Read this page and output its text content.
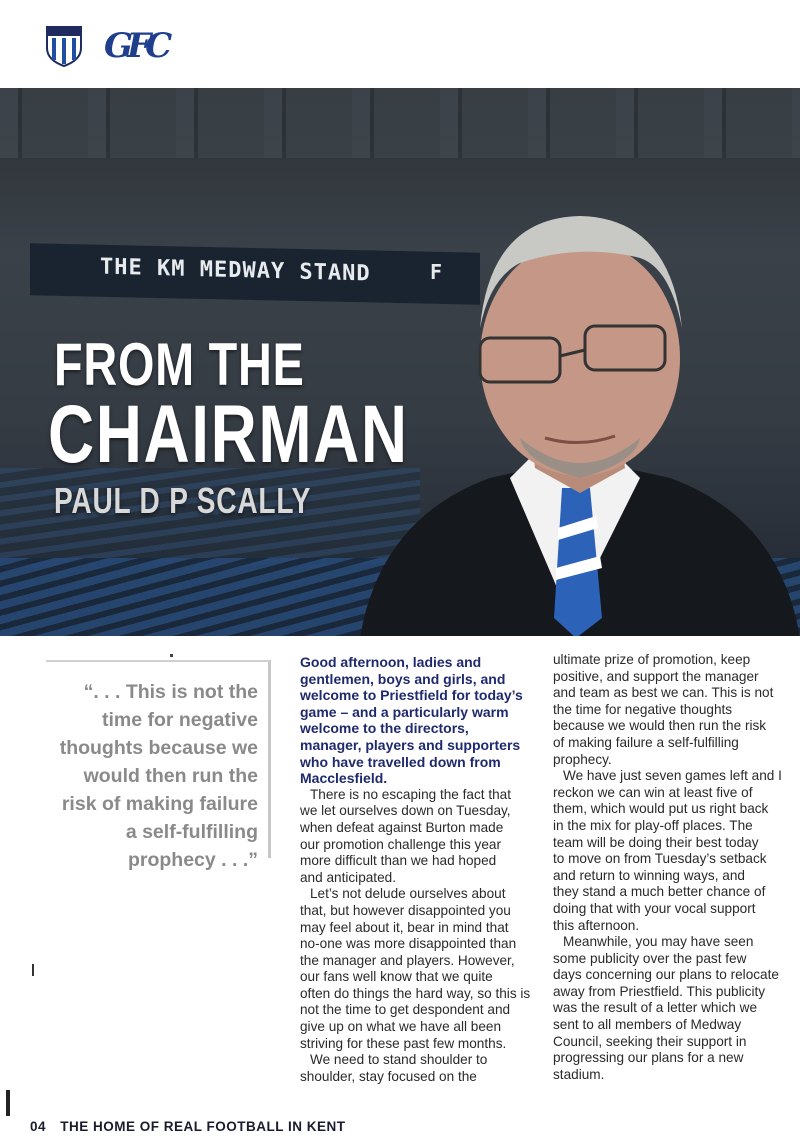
GFC
THE KM MEDWAY STAND	F
FROM THE
CHAIRMAN
PAUL D P SCALLY
“. . . This is not the
time for negative
thoughts because we
would then run the
risk of making failure
a self-fulfilling
prophecy . . .”
Good afternoon, ladies and
gentlemen, boys and girls, and
welcome to Priestfield for today’s
game – and a particularly warm
welcome to the directors,
manager, players and supporters
who have travelled down from
Macclesfield.
There is no escaping the fact that
we let ourselves down on Tuesday,
when defeat against Burton made
our promotion challenge this year
more difficult than we had hoped
and anticipated.
Let’s not delude ourselves about
that, but however disappointed you
may feel about it, bear in mind that
no-one was more disappointed than
the manager and players. However,
our fans well know that we quite
often do things the hard way, so this is
not the time to get despondent and
give up on what we have all been
striving for these past few months.
We need to stand shoulder to
shoulder, stay focused on the
ultimate prize of promotion, keep
positive, and support the manager
and team as best we can. This is not
the time for negative thoughts
because we would then run the risk
of making failure a self-fulfilling
prophecy.
We have just seven games left and I
reckon we can win at least five of
them, which would put us right back
in the mix for play-off places. The
team will be doing their best today
to move on from Tuesday’s setback
and return to winning ways, and
they stand a much better chance of
doing that with your vocal support
this afternoon.
Meanwhile, you may have seen
some publicity over the past few
days concerning our plans to relocate
away from Priestfield. This publicity
was the result of a letter which we
sent to all members of Medway
Council, seeking their support in
progressing our plans for a new
stadium.
04 THE HOME OF REAL FOOTBALL IN KENT
